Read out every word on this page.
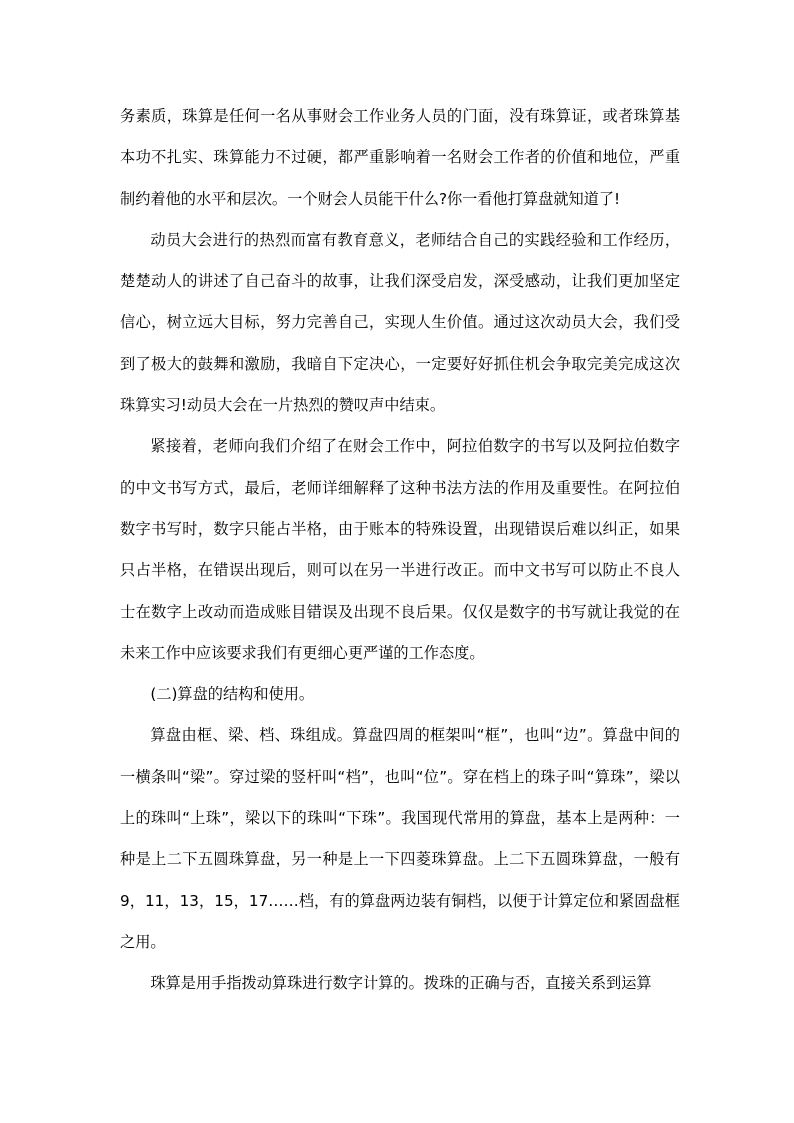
务素质，珠算是任何一名从事财会工作业务人员的门面，没有珠算证，或者珠算基本功不扎实、珠算能力不过硬，都严重影响着一名财会工作者的价值和地位，严重制约着他的水平和层次。一个财会人员能干什么?你一看他打算盘就知道了!

动员大会进行的热烈而富有教育意义，老师结合自己的实践经验和工作经历，楚楚动人的讲述了自己奋斗的故事，让我们深受启发，深受感动，让我们更加坚定信心，树立远大目标，努力完善自己，实现人生价值。通过这次动员大会，我们受到了极大的鼓舞和激励，我暗自下定决心，一定要好好抓住机会争取完美完成这次珠算实习!动员大会在一片热烈的赞叹声中结束。

紧接着，老师向我们介绍了在财会工作中，阿拉伯数字的书写以及阿拉伯数字的中文书写方式，最后，老师详细解释了这种书法方法的作用及重要性。在阿拉伯数字书写时，数字只能占半格，由于账本的特殊设置，出现错误后难以纠正，如果只占半格，在错误出现后，则可以在另一半进行改正。而中文书写可以防止不良人士在数字上改动而造成账目错误及出现不良后果。仅仅是数字的书写就让我觉的在未来工作中应该要求我们有更细心更严谨的工作态度。

(二)算盘的结构和使用。

算盘由框、梁、档、珠组成。算盘四周的框架叫“框”，也叫“边”。算盘中间的一横条叫“梁”。穿过梁的竖杆叫“档”，也叫“位”。穿在档上的珠子叫“算珠”，梁以上的珠叫“上珠”，梁以下的珠叫“下珠”。我国现代常用的算盘，基本上是两种：一种是上二下五圆珠算盘，另一种是上一下四菱珠算盘。上二下五圆珠算盘，一般有 9，11，13，15，17……档，有的算盘两边装有铜档，以便于计算定位和紧固盘框之用。

珠算是用手指拨动算珠进行数字计算的。拨珠的正确与否，直接关系到运算
